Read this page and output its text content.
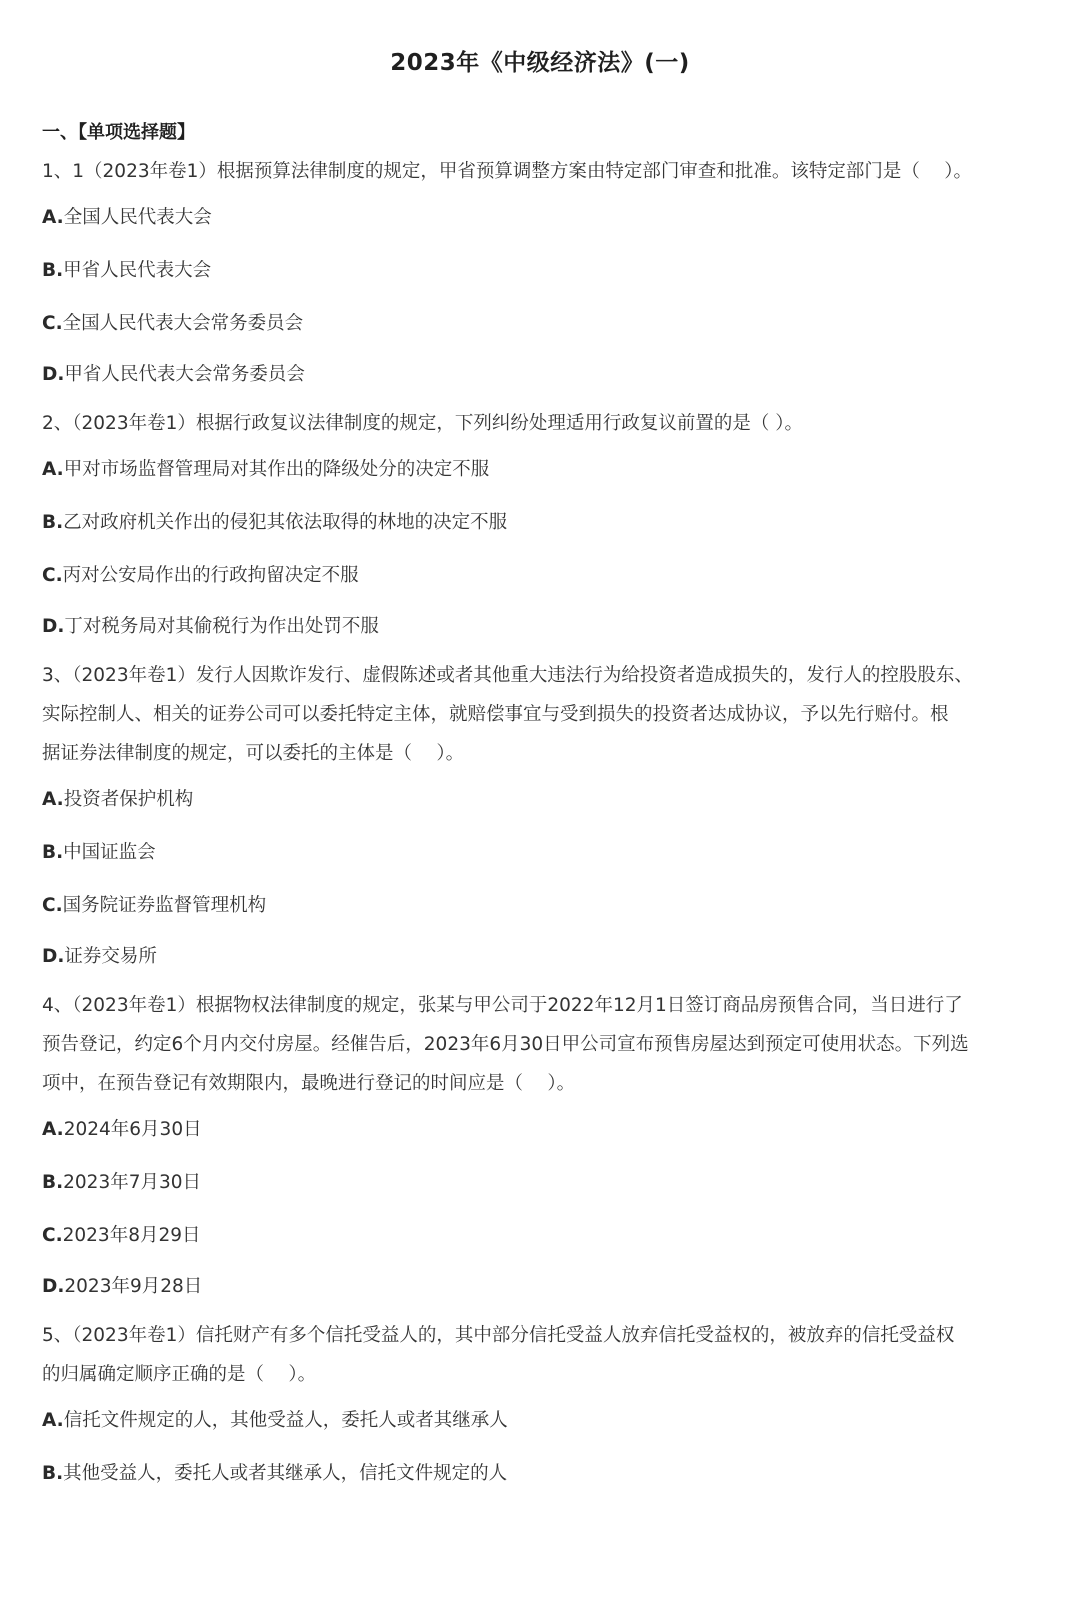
2023年《中级经济法》(一)
一、【单项选择题】
1、1（2023年卷1）根据预算法律制度的规定，甲省预算调整方案由特定部门审查和批准。该特定部门是（　 ）。
A.全国人民代表大会
B.甲省人民代表大会
C.全国人民代表大会常务委员会
D.甲省人民代表大会常务委员会
2、（2023年卷1）根据行政复议法律制度的规定，下列纠纷处理适用行政复议前置的是（ ）。
A.甲对市场监督管理局对其作出的降级处分的决定不服
B.乙对政府机关作出的侵犯其依法取得的林地的决定不服
C.丙对公安局作出的行政拘留决定不服
D.丁对税务局对其偷税行为作出处罚不服
3、（2023年卷1）发行人因欺诈发行、虚假陈述或者其他重大违法行为给投资者造成损失的，发行人的控股股东、
实际控制人、相关的证券公司可以委托特定主体，就赔偿事宜与受到损失的投资者达成协议，予以先行赔付。根
据证券法律制度的规定，可以委托的主体是（　 ）。
A.投资者保护机构
B.中国证监会
C.国务院证券监督管理机构
D.证券交易所
4、（2023年卷1）根据物权法律制度的规定，张某与甲公司于2022年12月1日签订商品房预售合同，当日进行了
预告登记，约定6个月内交付房屋。经催告后，2023年6月30日甲公司宣布预售房屋达到预定可使用状态。下列选
项中，在预告登记有效期限内，最晚进行登记的时间应是（　 ）。
A.2024年6月30日
B.2023年7月30日
C.2023年8月29日
D.2023年9月28日
5、（2023年卷1）信托财产有多个信托受益人的，其中部分信托受益人放弃信托受益权的，被放弃的信托受益权
的归属确定顺序正确的是（　 ）。
A.信托文件规定的人，其他受益人，委托人或者其继承人
B.其他受益人，委托人或者其继承人，信托文件规定的人
